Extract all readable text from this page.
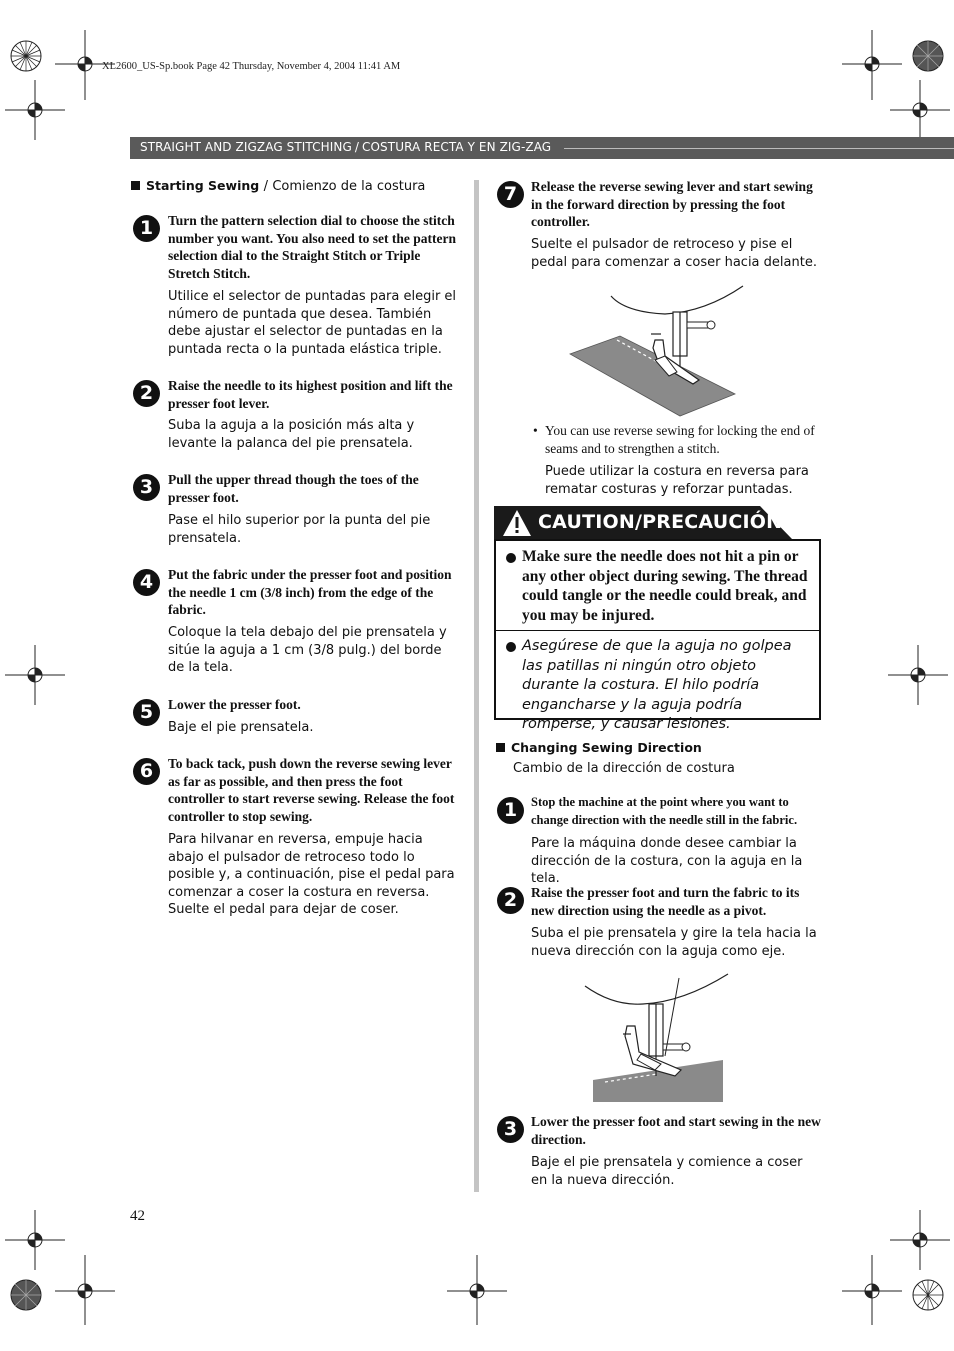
XL2600_US-Sp.book Page 42 Thursday, November 4, 2004 11:41 AM
STRAIGHT AND ZIGZAG STITCHING / COSTURA RECTA Y EN ZIG-ZAG
Starting Sewing / Comienzo de la costura
1	Turn the pattern selection dial to choose the stitch number you want. You also need to set the pattern selection dial to the Straight Stitch or Triple Stretch Stitch.
Utilice el selector de puntadas para elegir el número de puntada que desea. También debe ajustar el selector de puntadas en la puntada recta o la puntada elástica triple.
2	Raise the needle to its highest position and lift the presser foot lever.
Suba la aguja a la posición más alta y levante la palanca del pie prensatela.
3	Pull the upper thread though the toes of the presser foot.
Pase el hilo superior por la punta del pie prensatela.
4	Put the fabric under the presser foot and position the needle 1 cm (3/8 inch) from the edge of the fabric.
Coloque la tela debajo del pie prensatela y sitúe la aguja a 1 cm (3/8 pulg.) del borde de la tela.
5	Lower the presser foot.
Baje el pie prensatela.
6	To back tack, push down the reverse sewing lever as far as possible, and then press the foot controller to start reverse sewing. Release the foot controller to stop sewing.
Para hilvanar en reversa, empuje hacia abajo el pulsador de retroceso todo lo posible y, a continuación, pise el pedal para comenzar a coser la costura en reversa. Suelte el pedal para dejar de coser.
7	Release the reverse sewing lever and start sewing in the forward direction by pressing the foot controller.
Suelte el pulsador de retroceso y pise el pedal para comenzar a coser hacia delante.
• You can use reverse sewing for locking the end of seams and to strengthen a stitch.
Puede utilizar la costura en reversa para rematar costuras y reforzar puntadas.
CAUTION/PRECAUCIÓN
Make sure the needle does not hit a pin or any other object during sewing. The thread could tangle or the needle could break, and you may be injured.
Asegúrese de que la aguja no golpea las patillas ni ningún otro objeto durante la costura. El hilo podría engancharse y la aguja podría romperse, y causar lesiones.
Changing Sewing Direction
Cambio de la dirección de costura
1	Stop the machine at the point where you want to change direction with the needle still in the fabric.
Pare la máquina donde desee cambiar la dirección de la costura, con la aguja en la tela.
2	Raise the presser foot and turn the fabric to its new direction using the needle as a pivot.
Suba el pie prensatela y gire la tela hacia la nueva dirección con la aguja como eje.
3	Lower the presser foot and start sewing in the new direction.
Baje el pie prensatela y comience a coser en la nueva dirección.
42
